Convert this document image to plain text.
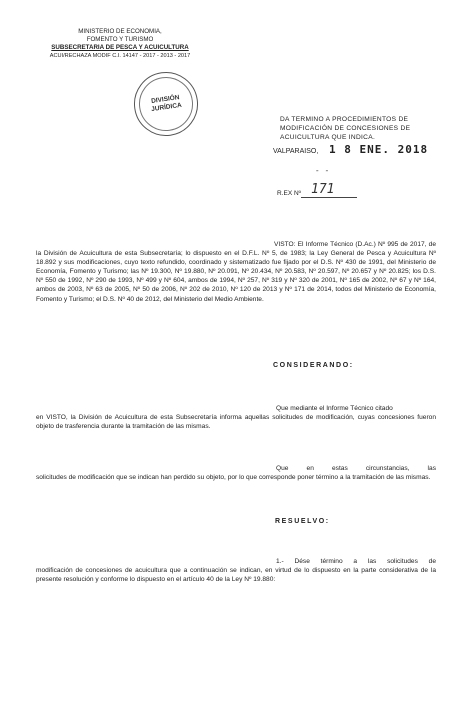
MINISTERIO DE ECONOMIA,
FOMENTO Y TURISMO
SUBSECRETARIA DE PESCA Y ACUICULTURA
ACUI/RECHAZA MODIF C.I. 14147 - 2017 - 2013 - 2017
DIVISIÓN
JURÍDICA
DA TERMINO A PROCEDIMIENTOS DE
MODIFICACIÓN DE CONCESIONES DE
ACUICULTURA QUE INDICA.
VALPARAISO, 1 8 ENE. 2018
- -
R.EX Nº 171
VISTO: El Informe Técnico (D.Ac.) Nº 995 de 2017, de la División de Acuicultura de esta Subsecretaría; lo dispuesto en el D.F.L. Nº 5, de 1983; la Ley General de Pesca y Acuicultura Nº 18.892 y sus modificaciones, cuyo texto refundido, coordinado y sistematizado fue fijado por el D.S. Nº 430 de 1991, del Ministerio de Economía, Fomento y Turismo; las Nº 19.300, Nº 19.880, Nº 20.091, Nº 20.434, Nº 20.583, Nº 20.597, Nº 20.657 y Nº 20.825; los D.S. Nº 550 de 1992, Nº 290 de 1993, Nº 499 y Nº 604, ambos de 1994, Nº 257, Nº 319 y Nº 320 de 2001, Nº 165 de 2002, Nº 67 y Nº 164, ambos de 2003, Nº 63 de 2005, Nº 50 de 2006, Nº 202 de 2010, Nº 120 de 2013 y Nº 171 de 2014, todos del Ministerio de Economía, Fomento y Turismo; el D.S. Nº 40 de 2012, del Ministerio del Medio Ambiente.
CONSIDERANDO:
Que mediante el Informe Técnico citado
en VISTO, la División de Acuicultura de esta Subsecretaría informa aquellas solicitudes de modificación, cuyas concesiones fueron objeto de trasferencia durante la tramitación de las mismas.
Que en estas circunstancias, las
solicitudes de modificación que se indican han perdido su objeto, por lo que corresponde poner término a la tramitación de las mismas.
RESUELVO:
1.- Dése término a las solicitudes de
modificación de concesiones de acuicultura que a continuación se indican, en virtud de lo dispuesto en la parte considerativa de la presente resolución y conforme lo dispuesto en el artículo 40 de la Ley Nº 19.880:
